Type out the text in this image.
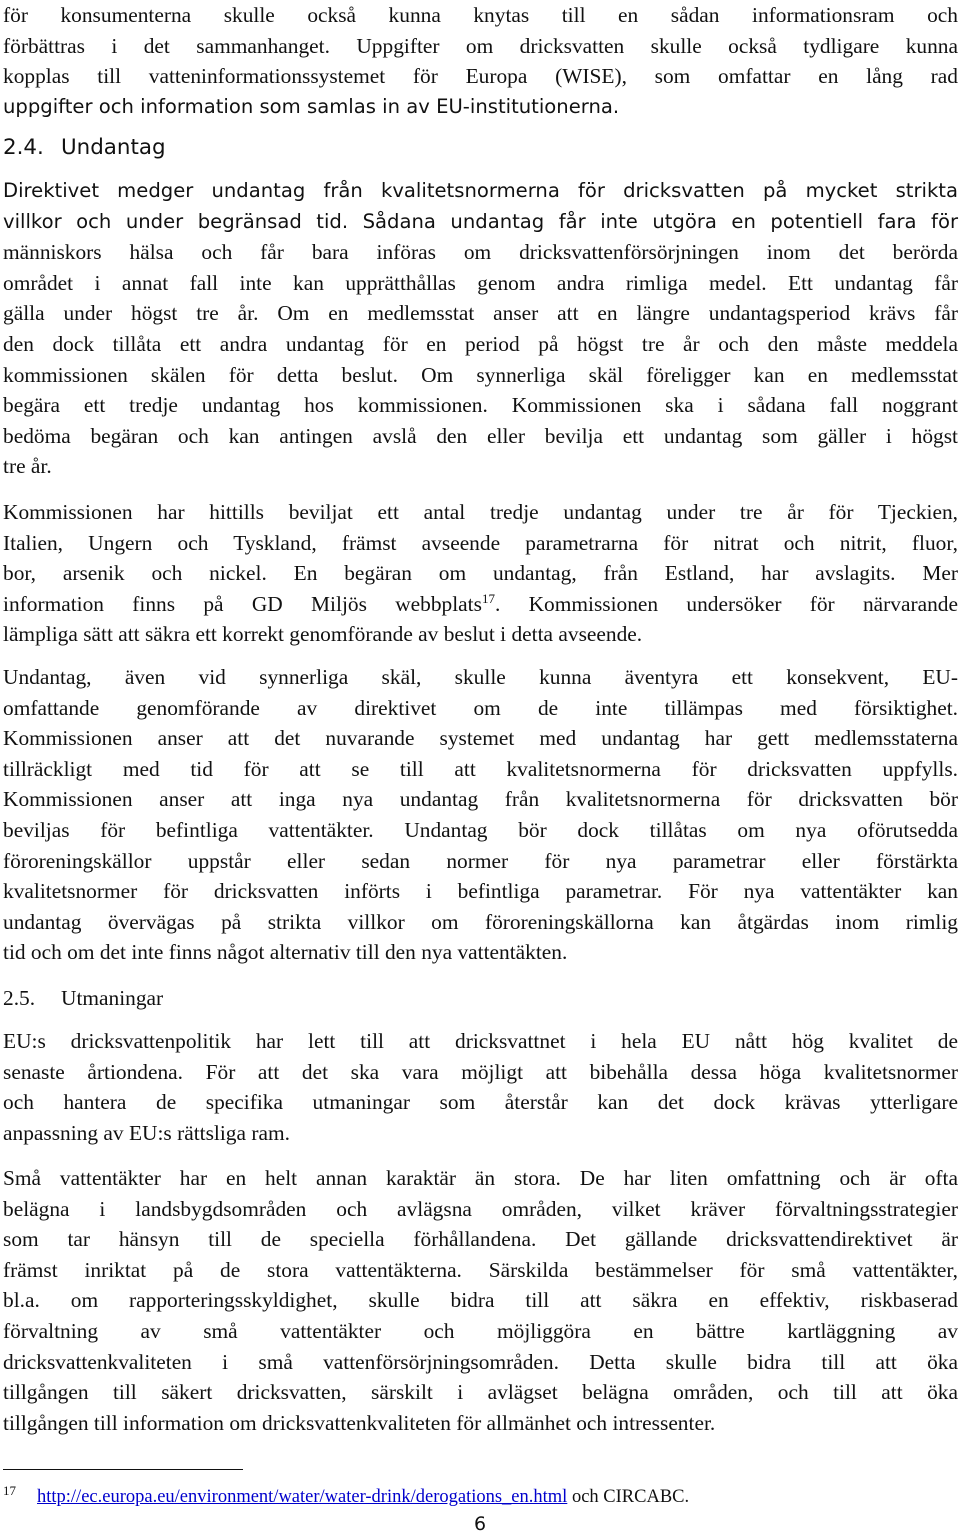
för konsumenterna skulle också kunna knytas till en sådan informationsram och
förbättras i det sammanhanget. Uppgifter om dricksvatten skulle också tydligare kunna
kopplas till vatteninformationssystemet för Europa (WISE), som omfattar en lång rad
uppgifter och information som samlas in av EU-institutionerna.
2.4. Undantag
Direktivet medger undantag från kvalitetsnormerna för dricksvatten på mycket strikta
villkor och under begränsad tid. Sådana undantag får inte utgöra en potentiell fara för
människors hälsa och får bara införas om dricksvattenförsörjningen inom det berörda
området i annat fall inte kan upprätthållas genom andra rimliga medel. Ett undantag får
gälla under högst tre år. Om en medlemsstat anser att en längre undantagsperiod krävs får
den dock tillåta ett andra undantag för en period på högst tre år och den måste meddela
kommissionen skälen för detta beslut. Om synnerliga skäl föreligger kan en medlemsstat
begära ett tredje undantag hos kommissionen. Kommissionen ska i sådana fall noggrant
bedöma begäran och kan antingen avslå den eller bevilja ett undantag som gäller i högst
tre år.
Kommissionen har hittills beviljat ett antal tredje undantag under tre år för Tjeckien,
Italien, Ungern och Tyskland, främst avseende parametrarna för nitrat och nitrit, fluor,
bor, arsenik och nickel. En begäran om undantag, från Estland, har avslagits. Mer
information finns på GD Miljös webbplats$^{17}$. Kommissionen undersöker för närvarande
lämpliga sätt att säkra ett korrekt genomförande av beslut i detta avseende.
Undantag, även vid synnerliga skäl, skulle kunna äventyra ett konsekvent, EU-
omfattande genomförande av direktivet om de inte tillämpas med försiktighet.
Kommissionen anser att det nuvarande systemet med undantag har gett medlemsstaterna
tillräckligt med tid för att se till att kvalitetsnormerna för dricksvatten uppfylls.
Kommissionen anser att inga nya undantag från kvalitetsnormerna för dricksvatten bör
beviljas för befintliga vattentäkter. Undantag bör dock tillåtas om nya oförutsedda
föroreningskällor uppstår eller sedan normer för nya parametrar eller förstärkta
kvalitetsnormer för dricksvatten införts i befintliga parametrar. För nya vattentäkter kan
undantag övervägas på strikta villkor om föroreningskällorna kan åtgärdas inom rimlig
tid och om det inte finns något alternativ till den nya vattentäkten.
2.5. Utmaningar
EU:s dricksvattenpolitik har lett till att dricksvattnet i hela EU nått hög kvalitet de
senaste årtiondena. För att det ska vara möjligt att bibehålla dessa höga kvalitetsnormer
och hantera de specifika utmaningar som återstår kan det dock krävas ytterligare
anpassning av EU:s rättsliga ram.
Små vattentäkter har en helt annan karaktär än stora. De har liten omfattning och är ofta
belägna i landsbygdsområden och avlägsna områden, vilket kräver förvaltningsstrategier
som tar hänsyn till de speciella förhållandena. Det gällande dricksvattendirektivet är
främst inriktat på de stora vattentäkterna. Särskilda bestämmelser för små vattentäkter,
bl.a. om rapporteringsskyldighet, skulle bidra till att säkra en effektiv, riskbaserad
förvaltning av små vattentäkter och möjliggöra en bättre kartläggning av
dricksvattenkvaliteten i små vattenförsörjningsområden. Detta skulle bidra till att öka
tillgången till säkert dricksvatten, särskilt i avlägset belägna områden, och till att öka
tillgången till information om dricksvattenkvaliteten för allmänhet och intressenter.
17 http://ec.europa.eu/environment/water/water-drink/derogations_en.html och CIRCABC.
6
